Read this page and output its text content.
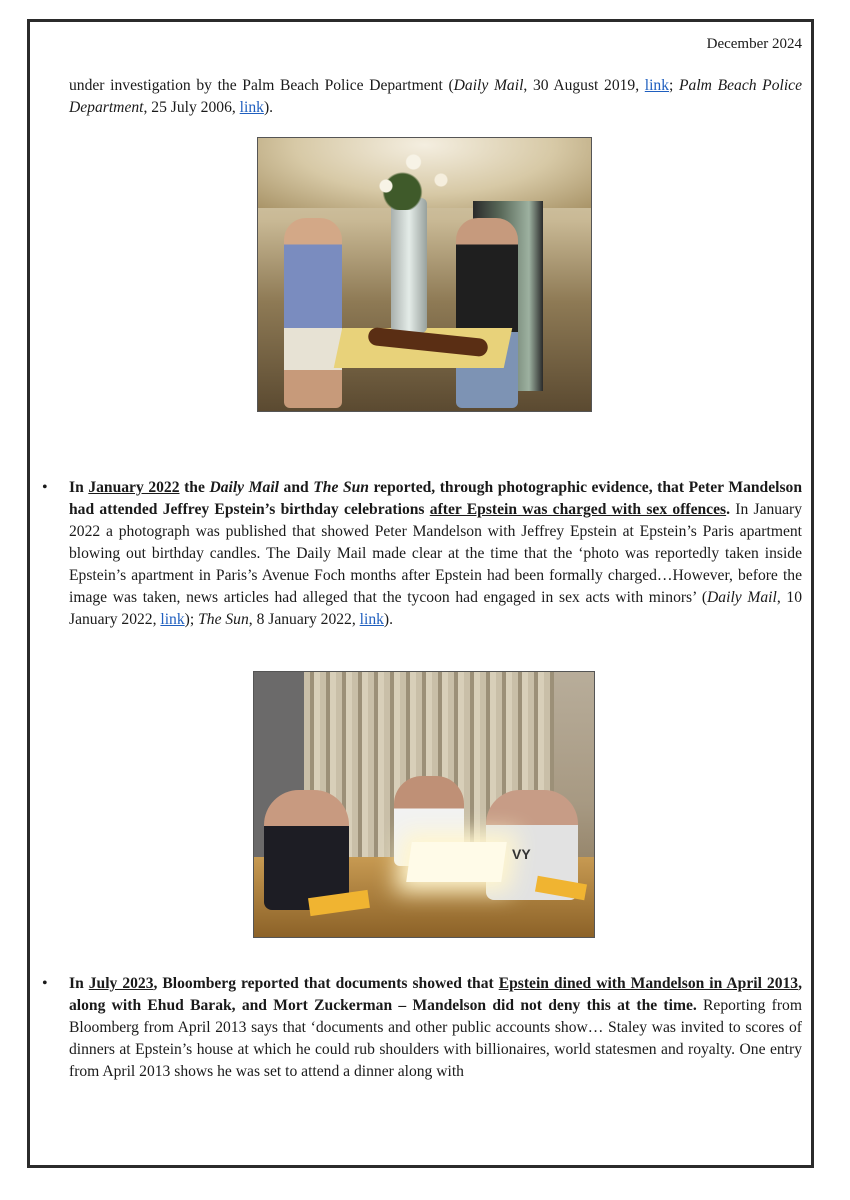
December 2024
under investigation by the Palm Beach Police Department (Daily Mail, 30 August 2019, link; Palm Beach Police Department, 25 July 2006, link).
• In January 2022 the Daily Mail and The Sun reported, through photographic evidence, that Peter Mandelson had attended Jeffrey Epstein’s birthday celebrations after Epstein was charged with sex offences. In January 2022 a photograph was published that showed Peter Mandelson with Jeffrey Epstein at Epstein’s Paris apartment blowing out birthday candles. The Daily Mail made clear at the time that the ‘photo was reportedly taken inside Epstein’s apartment in Paris’s Avenue Foch months after Epstein had been formally charged…However, before the image was taken, news articles had alleged that the tycoon had engaged in sex acts with minors’ (Daily Mail, 10 January 2022, link); The Sun, 8 January 2022, link).
VY
• In July 2023, Bloomberg reported that documents showed that Epstein dined with Mandelson in April 2013, along with Ehud Barak, and Mort Zuckerman – Mandelson did not deny this at the time. Reporting from Bloomberg from April 2013 says that ‘documents and other public accounts show… Staley was invited to scores of dinners at Epstein’s house at which he could rub shoulders with billionaires, world statesmen and royalty. One entry from April 2013 shows he was set to attend a dinner along with
